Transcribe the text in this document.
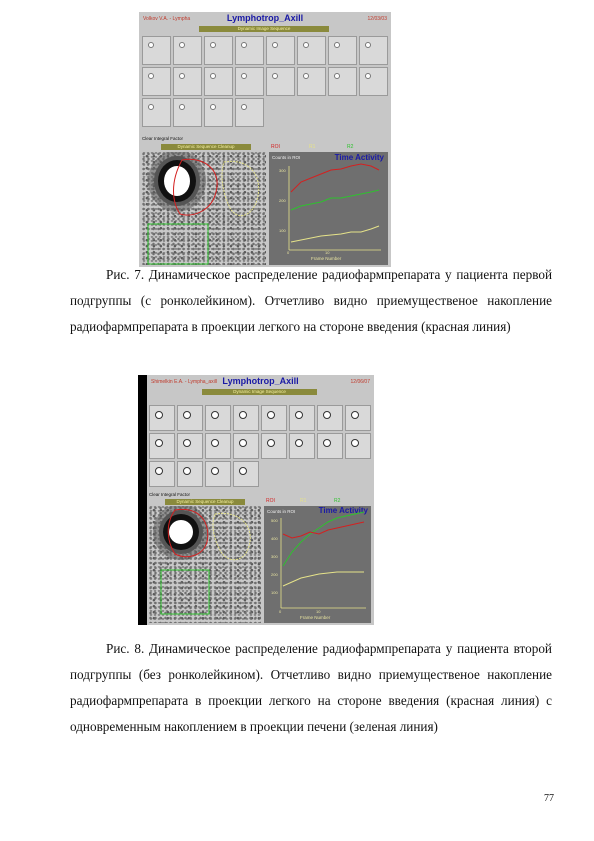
Volkov V.A. - Lympha	Lymphotrop_Axill	12/03/03
Dynamic Image Sequence
Clear Integral Factor
Dynamic Sequence Cleanup	ROI	R1	R2
Counts in ROI	Time Activity
300
200
100
0	10
Frame Number

Рис. 7. Динамическое распределение радиофармпрепарата у пациента первой подгруппы (с ронколейкином). Отчетливо видно приемущественое накопление радиофармпрепарата в проекции легкого на стороне введения (красная линия)

Shimelkin E.A. - Lympha_axill Lymphotrop_Axill	12/06/07
Dynamic Image Sequence
Clear Integral Factor
Dynamic Sequence Cleanup	ROI	R1	R2
Counts in ROI	Time Activity
500
400
300
200
100
0	10
Frame Number

Рис. 8. Динамическое распределение радиофармпрепарата у пациента второй подгруппы (без ронколейкином). Отчетливо видно приемущественое накопление радиофармпрепарата в проекции легкого на стороне введения (красная линия) с одновременным накоплением в проекции печени (зеленая линия)

77
